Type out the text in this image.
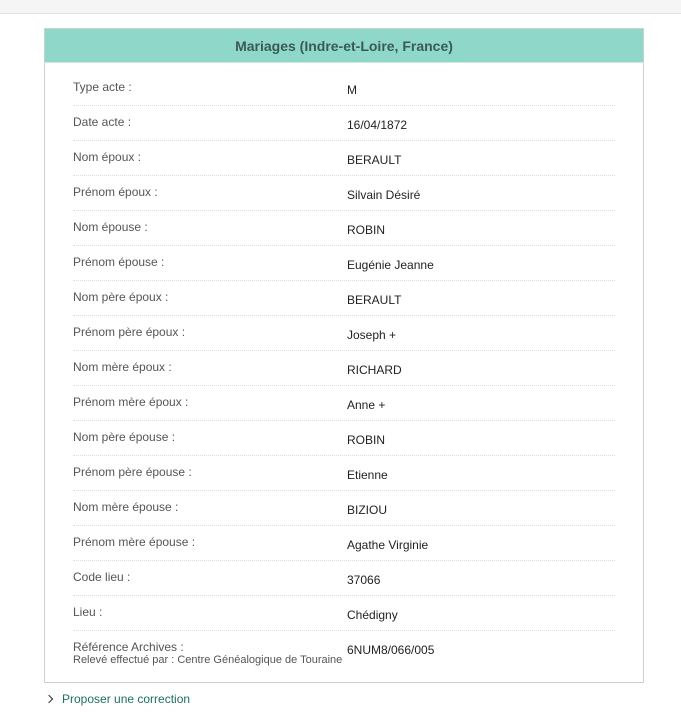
Mariages (Indre-et-Loire, France)
Type acte :	M
Date acte :	16/04/1872
Nom époux :	BERAULT
Prénom époux :	Silvain Désiré
Nom épouse :	ROBIN
Prénom épouse :	Eugénie Jeanne
Nom père époux :	BERAULT
Prénom père époux :	Joseph +
Nom mère époux :	RICHARD
Prénom mère époux :	Anne +
Nom père épouse :	ROBIN
Prénom père épouse :	Etienne
Nom mère épouse :	BIZIOU
Prénom mère épouse :	Agathe Virginie
Code lieu :	37066
Lieu :	Chédigny
Référence Archives :	6NUM8/066/005
Relevé effectué par : Centre Généalogique de Touraine
Proposer une correction
